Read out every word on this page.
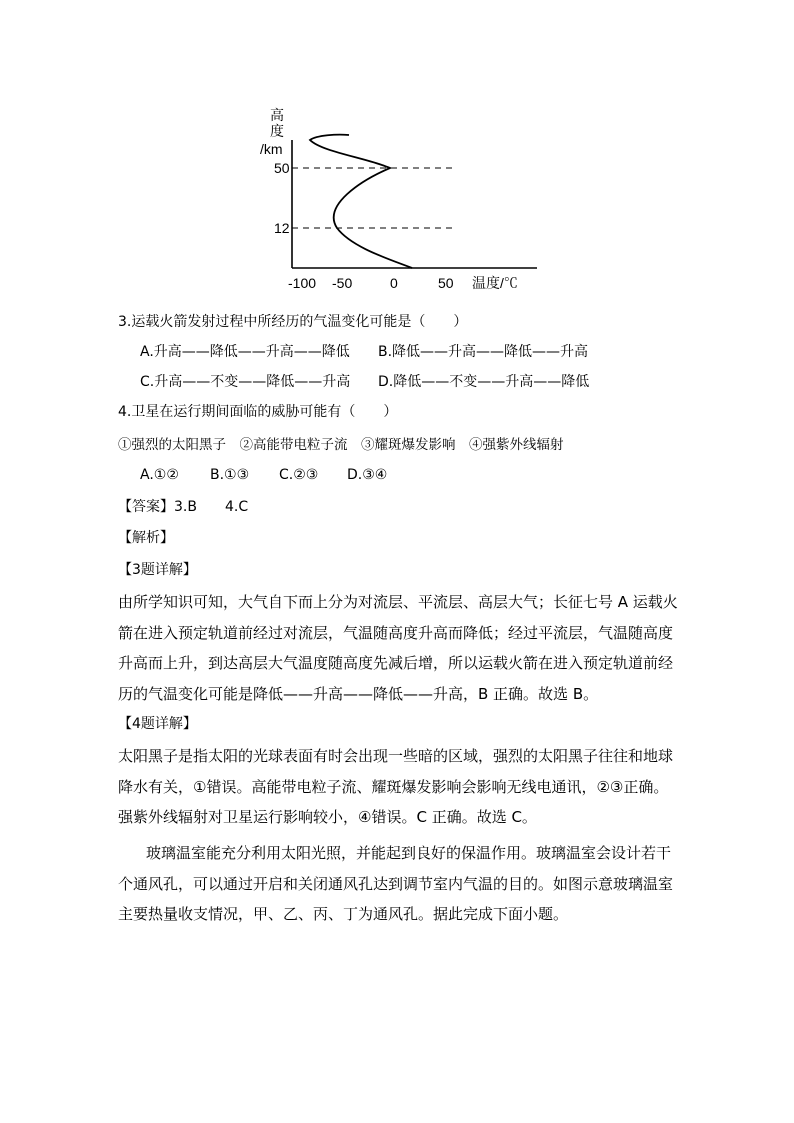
高
度
/km
50
12
-100 -50	0	50 温度/℃
3.运载火箭发射过程中所经历的气温变化可能是（　　）
A.升高——降低——升高——降低 B.降低——升高——降低——升高
C.升高——不变——降低——升高 D.降低——不变——升高——降低
4.卫星在运行期间面临的威胁可能有（　　）
①强烈的太阳黑子　②高能带电粒子流　③耀斑爆发影响　④强紫外线辐射
A.①② B.①③ C.②③ D.③④
【答案】3.B　　4.C
【解析】
【3题详解】
由所学知识可知，大气自下而上分为对流层、平流层、高层大气；长征七号 A 运载火箭在进入预定轨道前经过对流层，气温随高度升高而降低；经过平流层，气温随高度升高而上升，到达高层大气温度随高度先减后增，所以运载火箭在进入预定轨道前经历的气温变化可能是降低——升高——降低——升高，B 正确。故选 B。
【4题详解】
太阳黑子是指太阳的光球表面有时会出现一些暗的区域，强烈的太阳黑子往往和地球降水有关，①错误。高能带电粒子流、耀斑爆发影响会影响无线电通讯，②③正确。强紫外线辐射对卫星运行影响较小，④错误。C 正确。故选 C。
玻璃温室能充分利用太阳光照，并能起到良好的保温作用。玻璃温室会设计若干个通风孔，可以通过开启和关闭通风孔达到调节室内气温的目的。如图示意玻璃温室主要热量收支情况，甲、乙、丙、丁为通风孔。据此完成下面小题。
